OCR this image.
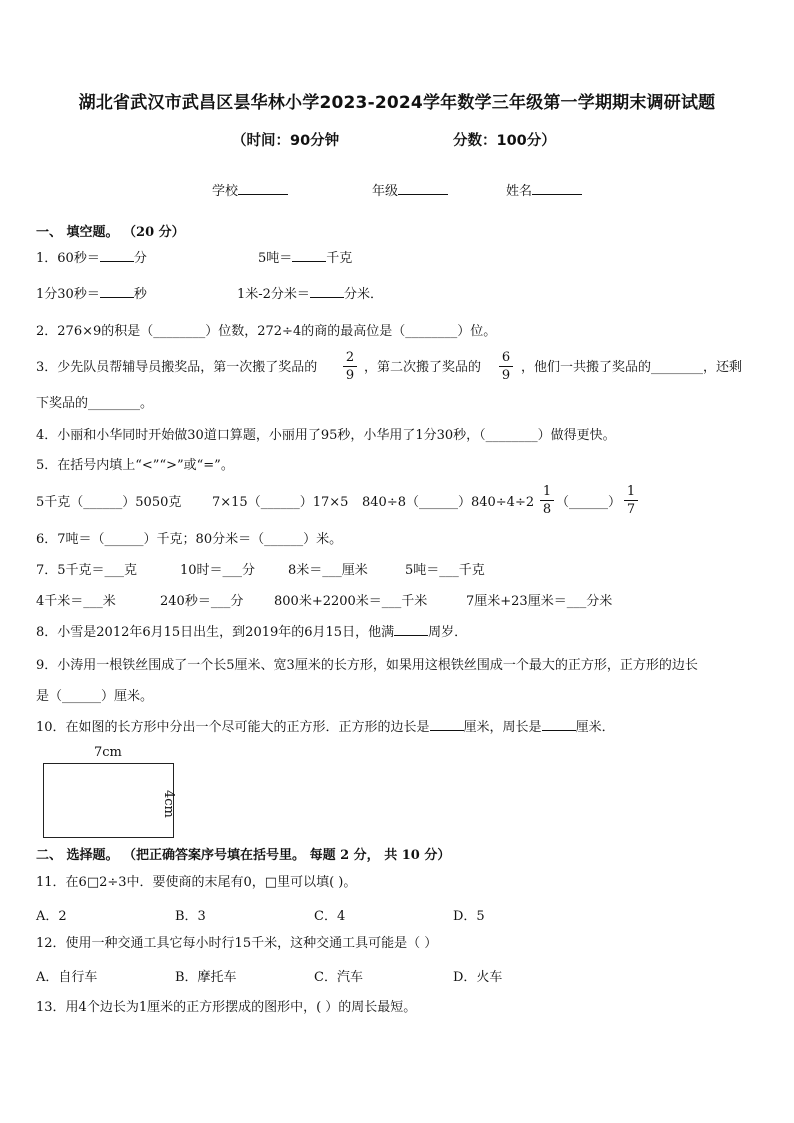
湖北省武汉市武昌区昙华林小学2023-2024学年数学三年级第一学期期末调研试题
（时间：90分钟	分数：100分）
学校	年级	姓名
一、 填空题。 （20 分）
1．60秒＝	分	5吨＝	千克
1分30秒＝	秒	1米-2分米＝	分米．
2．276×9的积是（________）位数，272÷4的商的最高位是（________）位。
3．少先队员帮辅导员搬奖品，第一次搬了奖品的 $\frac{2}{9}$ ，第二次搬了奖品的 $\frac{6}{9}$ ，他们一共搬了奖品的________，还剩
下奖品的________。
4．小丽和小华同时开始做30道口算题，小丽用了95秒，小华用了1分30秒，（________）做得更快。
5．在括号内填上“<”“>”或“=”。
5千克（______）5050克 7×15（______）17×5 840÷8（______）840÷4÷2 $\frac{1}{8}$ （______） $\frac{1}{7}$
6．7吨＝（______）千克；80分米＝（______）米。
7．5千克＝___克	10时＝___分	8米＝___厘米	5吨＝___千克
4千米＝___米	240秒＝___分 800米+2200米＝___千米	7厘米+23厘米＝___分米
8．小雪是2012年6月15日出生，到2019年的6月15日，他满	周岁．
9．小涛用一根铁丝围成了一个长5厘米、宽3厘米的长方形，如果用这根铁丝围成一个最大的正方形，正方形的边长
是（______）厘米。
10．在如图的长方形中分出一个尽可能大的正方形．正方形的边长是	厘米，周长是	厘米．
7cm
4cm
二、 选择题。 （把正确答案序号填在括号里。 每题 2 分， 共 10 分）
11．在6□2÷3中．要使商的末尾有0，□里可以填( )。
A．2	B．3	C．4	D．5
12．使用一种交通工具它每小时行15千米，这种交通工具可能是（ ）
A．自行车	B．摩托车	C．汽车	D．火车
13．用4个边长为1厘米的正方形摆成的图形中，( ）的周长最短。
